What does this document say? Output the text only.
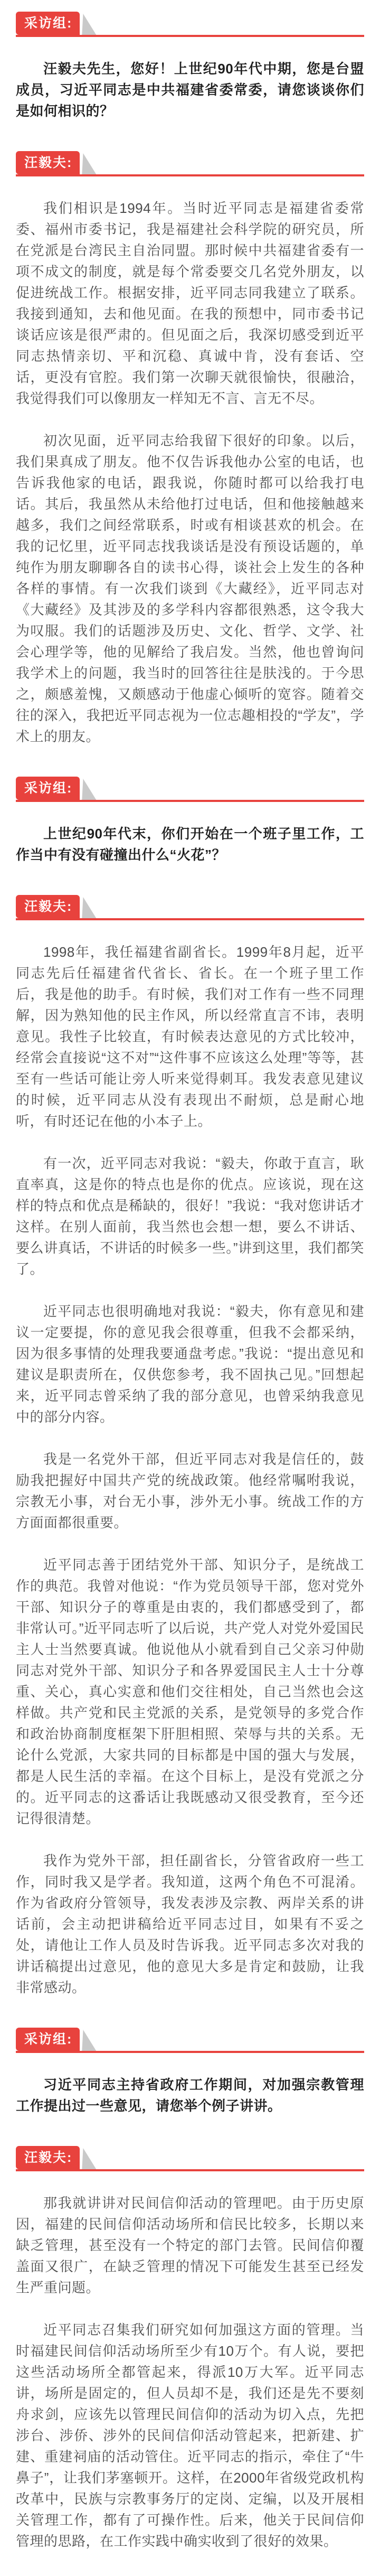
采访组:

汪毅夫先生，您好！上世纪90年代中期，您是台盟成员，习近平同志是中共福建省委常委，请您谈谈你们是如何相识的？

汪毅夫:

我们相识是1994年。当时近平同志是福建省委常委、福州市委书记，我是福建社会科学院的研究员，所在党派是台湾民主自治同盟。那时候中共福建省委有一项不成文的制度，就是每个常委要交几名党外朋友，以促进统战工作。根据安排，近平同志同我建立了联系。我接到通知，去和他见面。在我的预想中，同市委书记谈话应该是很严肃的。但见面之后，我深切感受到近平同志热情亲切、平和沉稳、真诚中肯，没有套话、空话，更没有官腔。我们第一次聊天就很愉快，很融洽，我觉得我们可以像朋友一样知无不言、言无不尽。

初次见面，近平同志给我留下很好的印象。以后，我们果真成了朋友。他不仅告诉我他办公室的电话，也告诉我他家的电话，跟我说，你随时都可以给我打电话。其后，我虽然从未给他打过电话，但和他接触越来越多，我们之间经常联系，时或有相谈甚欢的机会。在我的记忆里，近平同志找我谈话是没有预设话题的，单纯作为朋友聊聊各自的读书心得，谈社会上发生的各种各样的事情。有一次我们谈到《大藏经》，近平同志对《大藏经》及其涉及的多学科内容都很熟悉，这令我大为叹服。我们的话题涉及历史、文化、哲学、文学、社会心理学等，他的见解给了我启发。当然，他也曾询问我学术上的问题，我当时的回答往往是肤浅的。于今思之，颇感羞愧，又颇感动于他虚心倾听的宽容。随着交往的深入，我把近平同志视为一位志趣相投的“学友”，学术上的朋友。

采访组:

上世纪90年代末，你们开始在一个班子里工作，工作当中有没有碰撞出什么“火花”？

汪毅夫:

1998年，我任福建省副省长。1999年8月起，近平同志先后任福建省代省长、省长。在一个班子里工作后，我是他的助手。有时候，我们对工作有一些不同理解，因为熟知他的民主作风，所以经常直言不讳，表明意见。我性子比较直，有时候表达意见的方式比较冲，经常会直接说“这不对”“这件事不应该这么处理”等等，甚至有一些话可能让旁人听来觉得刺耳。我发表意见建议的时候，近平同志从没有表现出不耐烦，总是耐心地听，有时还记在他的小本子上。

有一次，近平同志对我说：“毅夫，你敢于直言，耿直率真，这是你的特点也是你的优点。应该说，现在这样的特点和优点是稀缺的，很好！”我说：“我对您讲话才这样。在别人面前，我当然也会想一想，要么不讲话、要么讲真话，不讲话的时候多一些。”讲到这里，我们都笑了。

近平同志也很明确地对我说：“毅夫，你有意见和建议一定要提，你的意见我会很尊重，但我不会都采纳，因为很多事情的处理我要通盘考虑。”我说：“提出意见和建议是职责所在，仅供您参考，我不固执己见。”回想起来，近平同志曾采纳了我的部分意见，也曾采纳我意见中的部分内容。

我是一名党外干部，但近平同志对我是信任的，鼓励我把握好中国共产党的统战政策。他经常嘱咐我说，宗教无小事，对台无小事，涉外无小事。统战工作的方方面面都很重要。

近平同志善于团结党外干部、知识分子，是统战工作的典范。我曾对他说：“作为党员领导干部，您对党外干部、知识分子的尊重是由衷的，我们都感受到了，都非常认可。”近平同志听了以后说，共产党人对党外爱国民主人士当然要真诚。他说他从小就看到自己父亲习仲勋同志对党外干部、知识分子和各界爱国民主人士十分尊重、关心，真心实意和他们交往相处，自己当然也会这样做。共产党和民主党派的关系，是党领导的多党合作和政治协商制度框架下肝胆相照、荣辱与共的关系。无论什么党派，大家共同的目标都是中国的强大与发展，都是人民生活的幸福。在这个目标上，是没有党派之分的。近平同志的这番话让我既感动又很受教育，至今还记得很清楚。

我作为党外干部，担任副省长，分管省政府一些工作，同时我又是学者。我知道，这两个角色不可混淆。作为省政府分管领导，我发表涉及宗教、两岸关系的讲话前，会主动把讲稿给近平同志过目，如果有不妥之处，请他让工作人员及时告诉我。近平同志多次对我的讲话稿提出过意见，他的意见大多是肯定和鼓励，让我非常感动。

采访组:

习近平同志主持省政府工作期间，对加强宗教管理工作提出过一些意见，请您举个例子讲讲。

汪毅夫:

那我就讲讲对民间信仰活动的管理吧。由于历史原因，福建的民间信仰活动场所和信民比较多，长期以来缺乏管理，甚至没有一个特定的部门去管。民间信仰覆盖面又很广，在缺乏管理的情况下可能发生甚至已经发生严重问题。

近平同志召集我们研究如何加强这方面的管理。当时福建民间信仰活动场所至少有10万个。有人说，要把这些活动场所全都管起来，得派10万大军。近平同志讲，场所是固定的，但人员却不是，我们还是先不要刻舟求剑，应该先以管理民间信仰的活动为切入点，先把涉台、涉侨、涉外的民间信仰活动管起来，把新建、扩建、重建祠庙的活动管住。近平同志的指示，牵住了“牛鼻子”，让我们茅塞顿开。这样，在2000年省级党政机构改革中，民族与宗教事务厅的定岗、定编，以及开展相关管理工作，都有了可操作性。后来，他关于民间信仰管理的思路，在工作实践中确实收到了很好的效果。
